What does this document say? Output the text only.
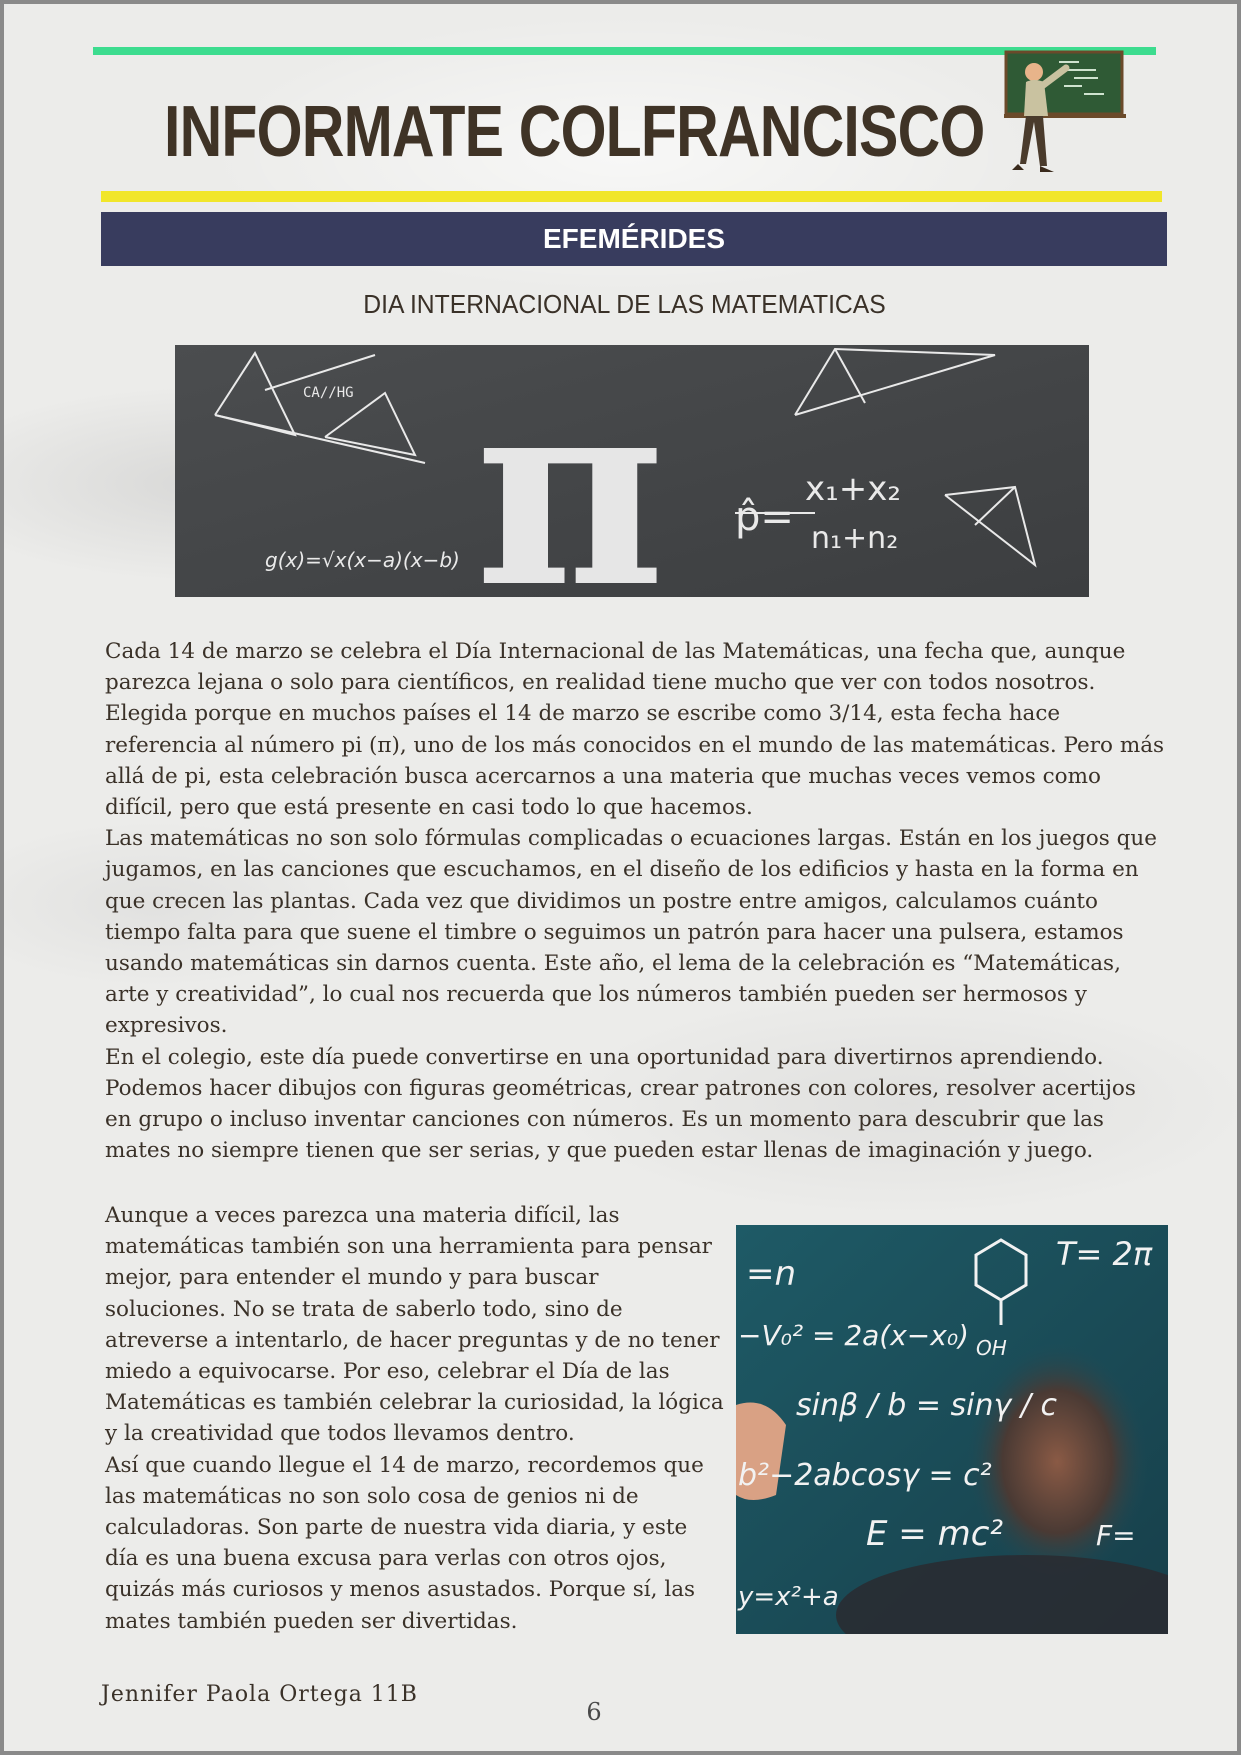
INFORMATE COLFRANCISCO
EFEMÉRIDES
DIA INTERNACIONAL DE LAS MATEMATICAS
CA//HG
g(x)=√x(x−a)(x−b) π p̂=
x₁+x₂
n₁+n₂

Cada 14 de marzo se celebra el Día Internacional de las Matemáticas, una fecha que, aunque parezca lejana o solo para científicos, en realidad tiene mucho que ver con todos nosotros. Elegida porque en muchos países el 14 de marzo se escribe como 3/14, esta fecha hace referencia al número pi (π), uno de los más conocidos en el mundo de las matemáticas. Pero más allá de pi, esta celebración busca acercarnos a una materia que muchas veces vemos como difícil, pero que está presente en casi todo lo que hacemos.

Las matemáticas no son solo fórmulas complicadas o ecuaciones largas. Están en los juegos que jugamos, en las canciones que escuchamos, en el diseño de los edificios y hasta en la forma en que crecen las plantas. Cada vez que dividimos un postre entre amigos, calculamos cuánto tiempo falta para que suene el timbre o seguimos un patrón para hacer una pulsera, estamos usando matemáticas sin darnos cuenta. Este año, el lema de la celebración es “Matemáticas, arte y creatividad”, lo cual nos recuerda que los números también pueden ser hermosos y expresivos.

En el colegio, este día puede convertirse en una oportunidad para divertirnos aprendiendo. Podemos hacer dibujos con figuras geométricas, crear patrones con colores, resolver acertijos en grupo o incluso inventar canciones con números. Es un momento para descubrir que las mates no siempre tienen que ser serias, y que pueden estar llenas de imaginación y juego.

Aunque a veces parezca una materia difícil, las matemáticas también son una herramienta para pensar mejor, para entender el mundo y para buscar soluciones. No se trata de saberlo todo, sino de atreverse a intentarlo, de hacer preguntas y de no tener miedo a equivocarse. Por eso, celebrar el Día de las Matemáticas es también celebrar la curiosidad, la lógica y la creatividad que todos llevamos dentro.

Así que cuando llegue el 14 de marzo, recordemos que las matemáticas no son solo cosa de genios ni de calculadoras. Son parte de nuestra vida diaria, y este día es una buena excusa para verlas con otros ojos, quizás más curiosos y menos asustados. Porque sí, las mates también pueden ser divertidas.

=n
−V₀² = 2a(x−x₀)
sinβ / b = sinγ / c
b²−2abcosγ = c²
E = mc²
y=x²+a
T= 2π
OH
F=
Jennifer Paola Ortega 11B
6
